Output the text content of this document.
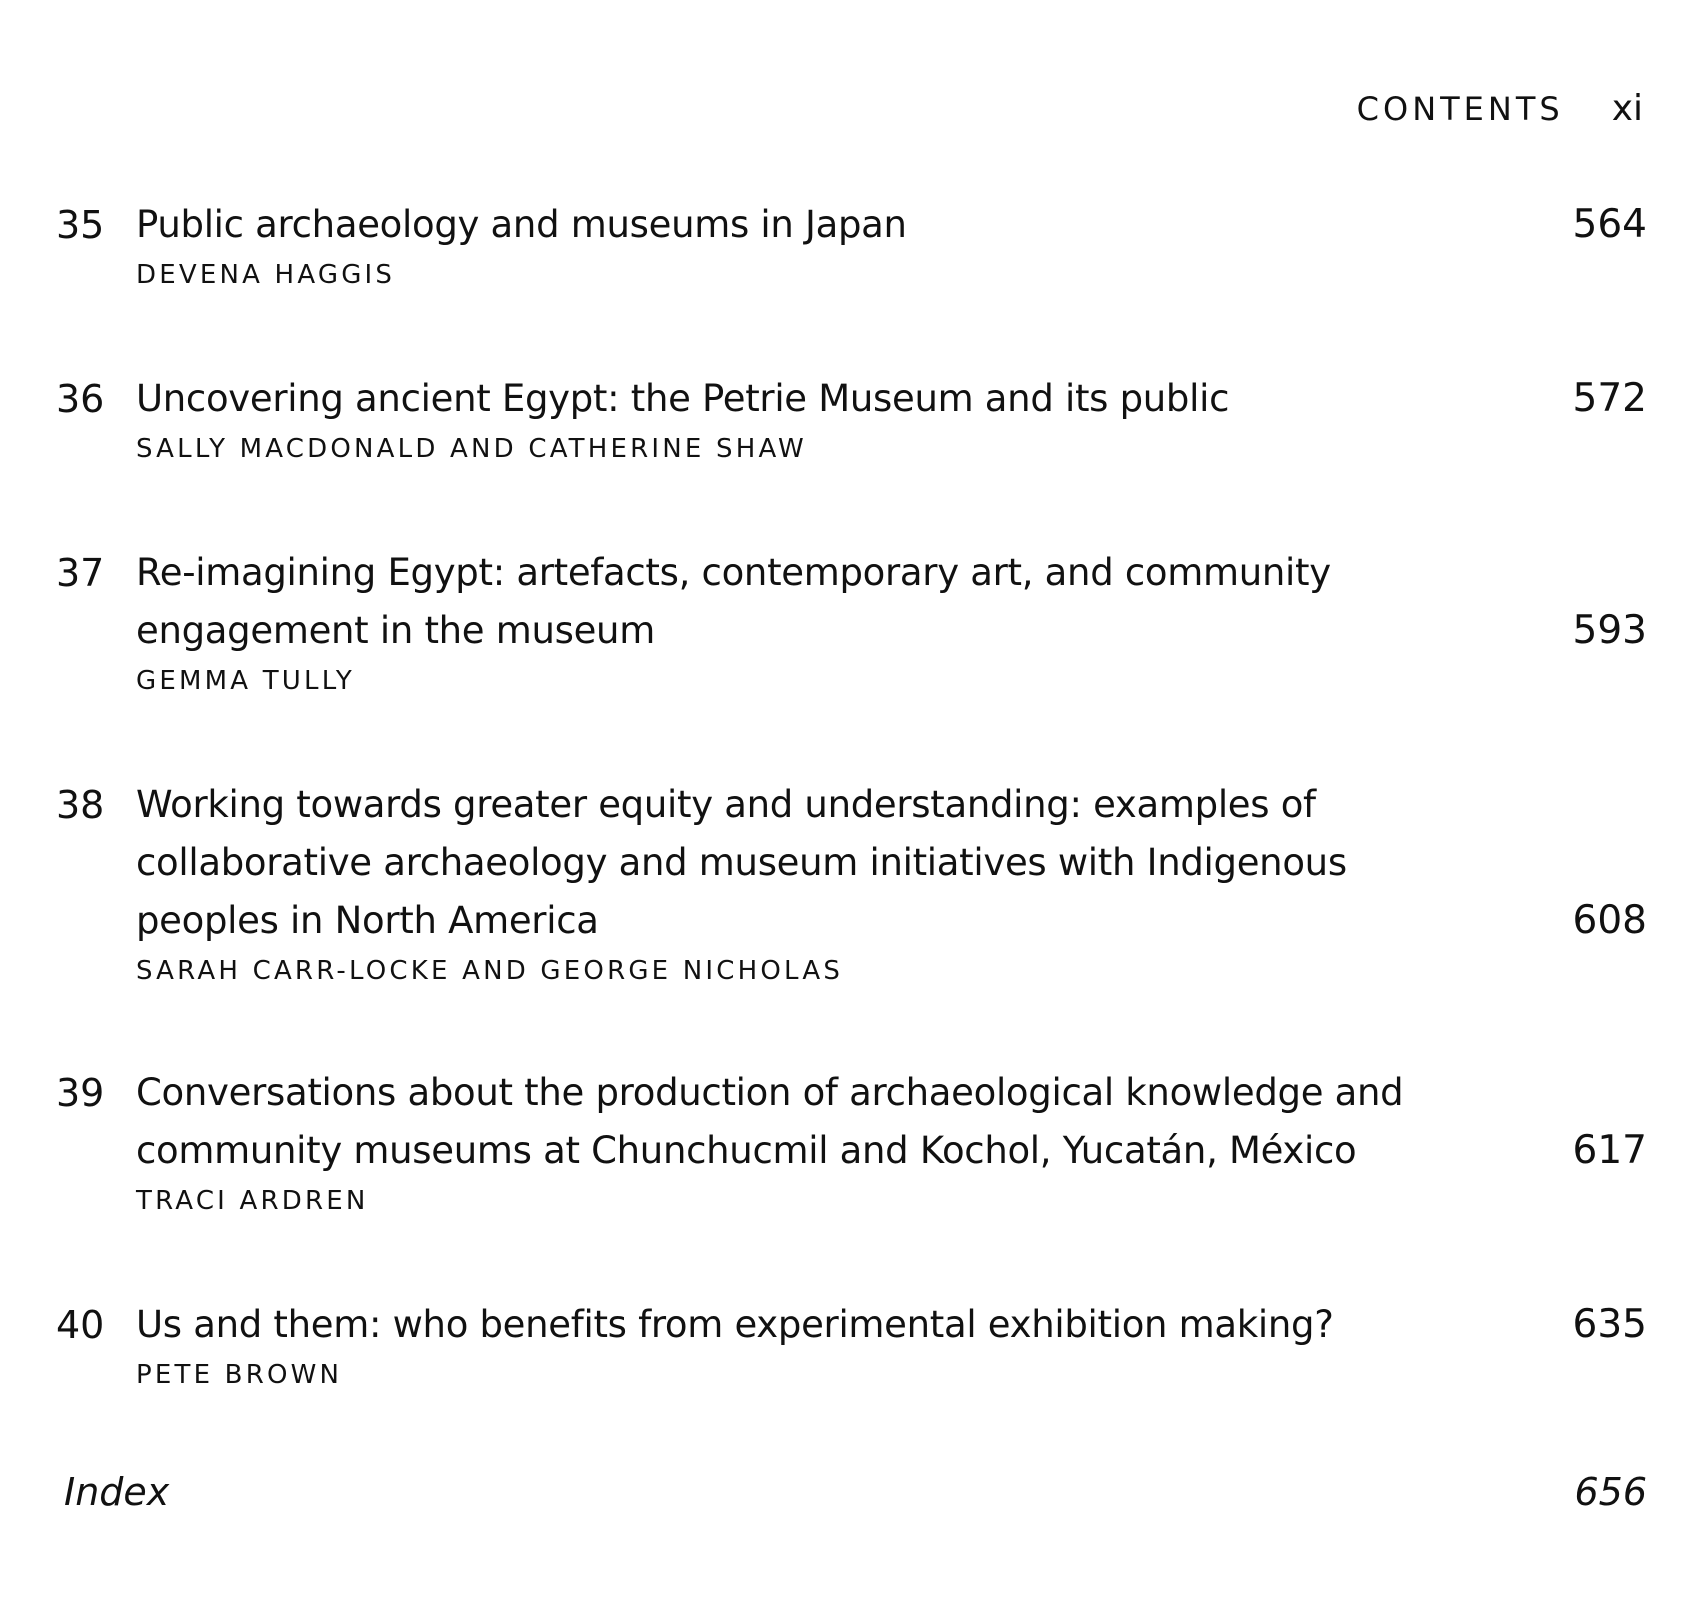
CONTENTS xi
35 Public archaeology and museums in Japan	564
DEVENA HAGGIS
36 Uncovering ancient Egypt: the Petrie Museum and its public	572
SALLY MACDONALD AND CATHERINE SHAW
37 Re-imagining Egypt: artefacts, contemporary art, and community
engagement in the museum	593
GEMMA TULLY
38 Working towards greater equity and understanding: examples of
collaborative archaeology and museum initiatives with Indigenous
peoples in North America	608
SARAH CARR-LOCKE AND GEORGE NICHOLAS
39 Conversations about the production of archaeological knowledge and
community museums at Chunchucmil and Kochol, Yucatán, México	617
TRACI ARDREN
40 Us and them: who benefits from experimental exhibition making?	635
PETE BROWN
Index	656
